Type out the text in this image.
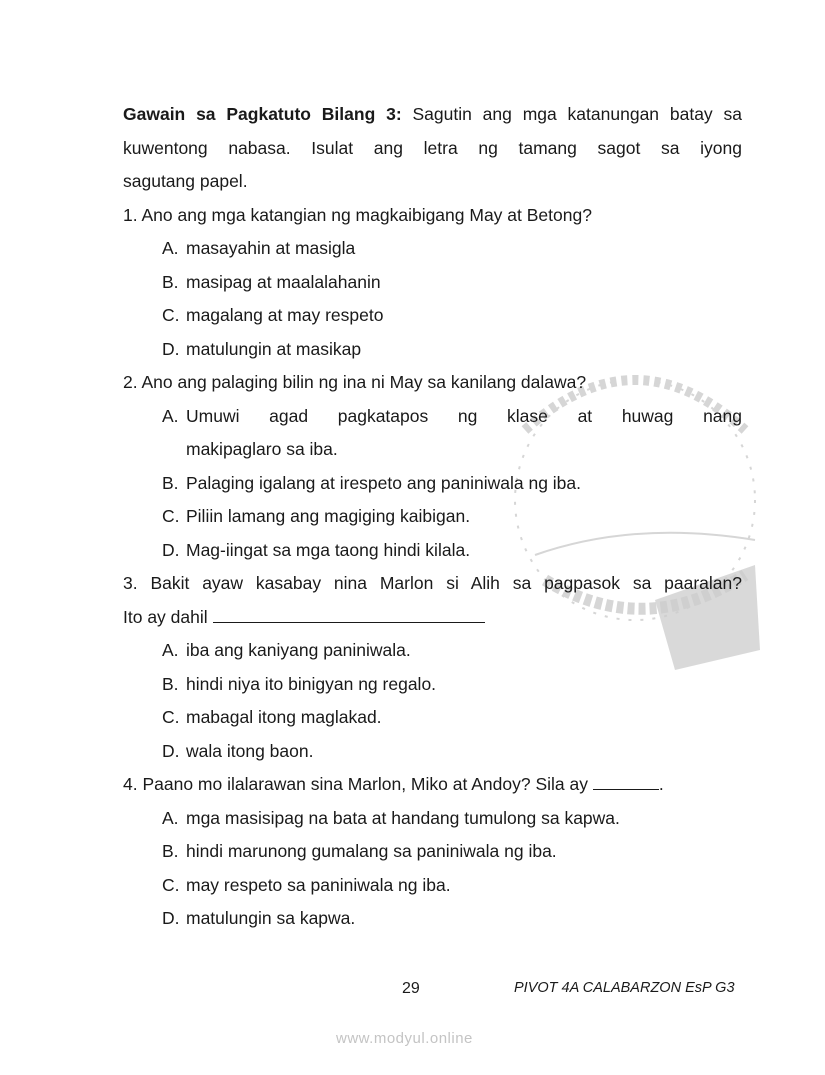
Gawain sa Pagkatuto Bilang 3: Sagutin ang mga katanungan batay sa
kuwentong nabasa. Isulat ang letra ng tamang sagot sa iyong
sagutang papel.
1. Ano ang mga katangian ng magkaibigang May at Betong?
A. masayahin at masigla
B. masipag at maalalahanin
C. magalang at may respeto
D. matulungin at masikap
2. Ano ang palaging bilin ng ina ni May sa kanilang dalawa?
A. Umuwi agad pagkatapos ng klase at huwag nang
makipaglaro sa iba.
B. Palaging igalang at irespeto ang paniniwala ng iba.
C. Piliin lamang ang magiging kaibigan.
D. Mag-iingat sa mga taong hindi kilala.
3. Bakit ayaw kasabay nina Marlon si Alih sa pagpasok sa paaralan?
Ito ay dahil
A. iba ang kaniyang paniniwala.
B. hindi niya ito binigyan ng regalo.
C. mabagal itong maglakad.
D. wala itong baon.
4. Paano mo ilalarawan sina Marlon, Miko at Andoy? Sila ay	.
A. mga masisipag na bata at handang tumulong sa kapwa.
B. hindi marunong gumalang sa paniniwala ng iba.
C. may respeto sa paniniwala ng iba.
D. matulungin sa kapwa.
29	PIVOT 4A CALABARZON EsP G3
www.modyul.online
